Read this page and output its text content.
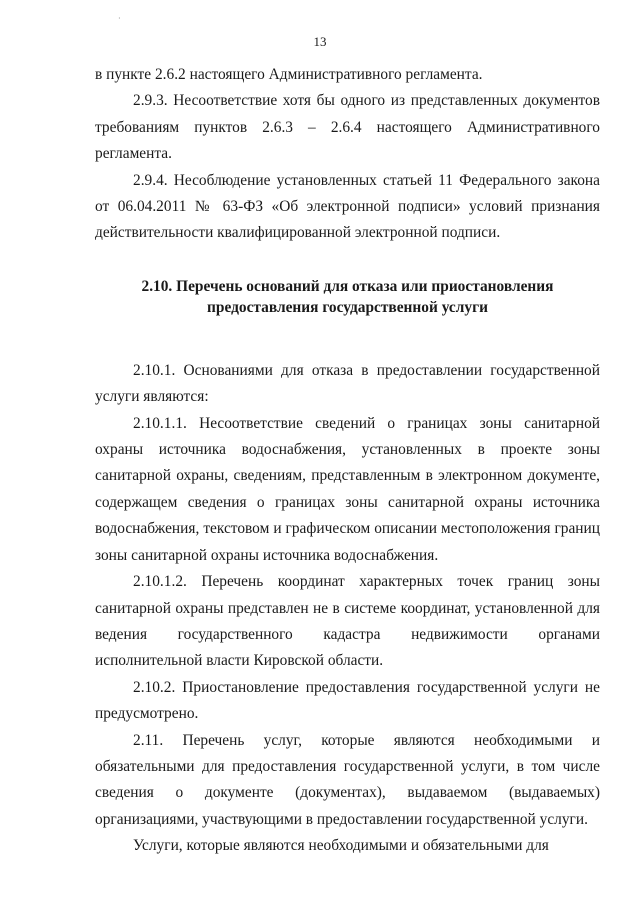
·
13

в пункте 2.6.2 настоящего Административного регламента.

2.9.3. Несоответствие хотя бы одного из представленных документов требованиям пунктов 2.6.3 – 2.6.4 настоящего Административного регламента.

2.9.4. Несоблюдение установленных статьей 11 Федерального закона от 06.04.2011 № 63-ФЗ «Об электронной подписи» условий признания действительности квалифицированной электронной подписи.

2.10. Перечень оснований для отказа или приостановления
предоставления государственной услуги

2.10.1. Основаниями для отказа в предоставлении государственной услуги являются:

2.10.1.1. Несоответствие сведений о границах зоны санитарной охраны источника водоснабжения, установленных в проекте зоны санитарной охраны, сведениям, представленным в электронном документе, содержащем сведения о границах зоны санитарной охраны источника водоснабжения, текстовом и графическом описании местоположения границ зоны санитарной охраны источника водоснабжения.

2.10.1.2. Перечень координат характерных точек границ зоны санитарной охраны представлен не в системе координат, установленной для ведения государственного кадастра недвижимости органами исполнительной власти Кировской области.

2.10.2. Приостановление предоставления государственной услуги не предусмотрено.

2.11. Перечень услуг, которые являются необходимыми и обязательными для предоставления государственной услуги, в том числе сведения о документе (документах), выдаваемом (выдаваемых) организациями, участвующими в предоставлении государственной услуги.

Услуги, которые являются необходимыми и обязательными для
